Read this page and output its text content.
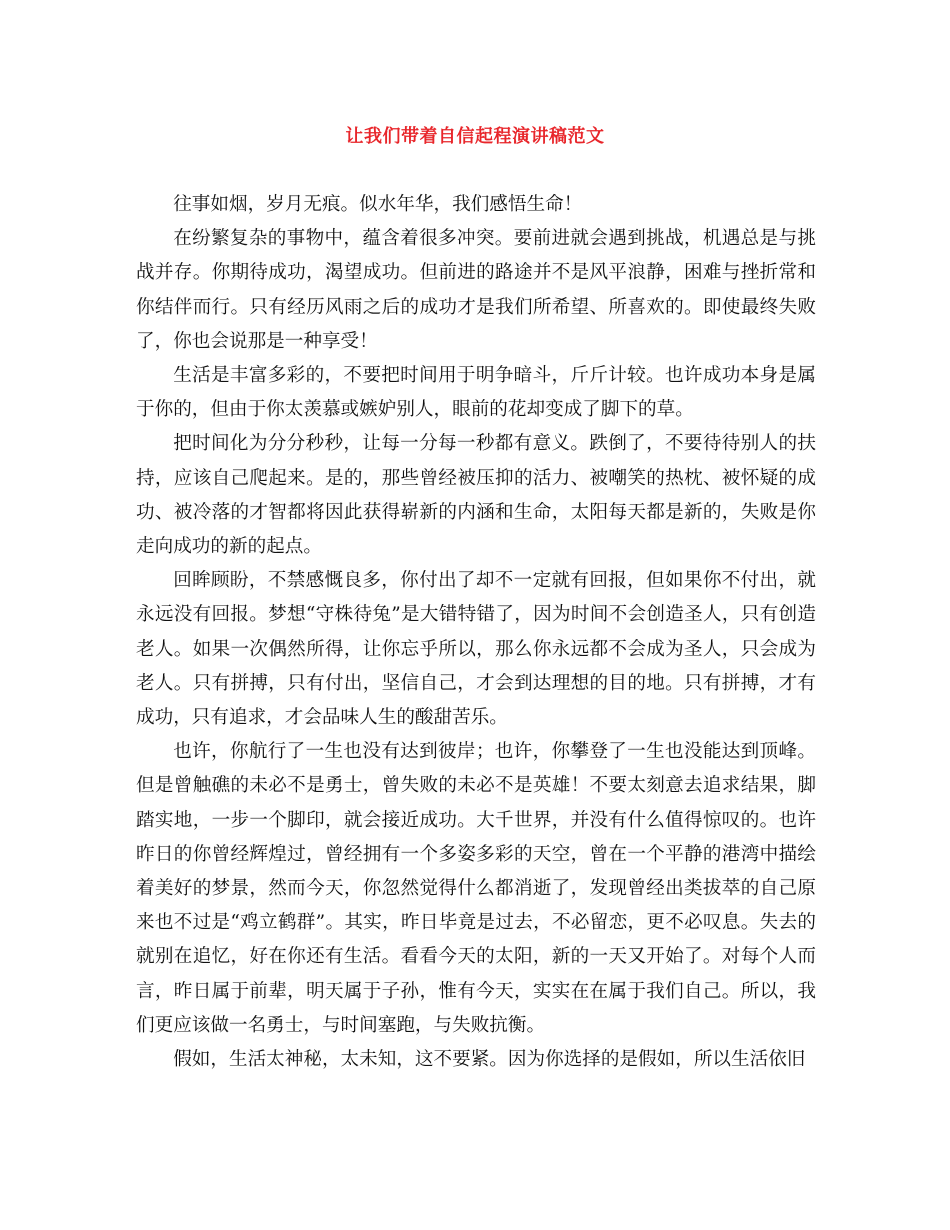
让我们带着自信起程演讲稿范文

往事如烟，岁月无痕。似水年华，我们感悟生命！

在纷繁复杂的事物中，蕴含着很多冲突。要前进就会遇到挑战，机遇总是与挑战并存。你期待成功，渴望成功。但前进的路途并不是风平浪静，困难与挫折常和你结伴而行。只有经历风雨之后的成功才是我们所希望、所喜欢的。即使最终失败了，你也会说那是一种享受！

生活是丰富多彩的，不要把时间用于明争暗斗，斤斤计较。也许成功本身是属于你的，但由于你太羡慕或嫉妒别人，眼前的花却变成了脚下的草。

把时间化为分分秒秒，让每一分每一秒都有意义。跌倒了，不要待待别人的扶持，应该自己爬起来。是的，那些曾经被压抑的活力、被嘲笑的热枕、被怀疑的成功、被冷落的才智都将因此获得崭新的内涵和生命，太阳每天都是新的，失败是你走向成功的新的起点。

回眸顾盼，不禁感慨良多，你付出了却不一定就有回报，但如果你不付出，就永远没有回报。梦想“守株待兔”是大错特错了，因为时间不会创造圣人，只有创造老人。如果一次偶然所得，让你忘乎所以，那么你永远都不会成为圣人，只会成为老人。只有拼搏，只有付出，坚信自己，才会到达理想的目的地。只有拼搏，才有成功，只有追求，才会品味人生的酸甜苦乐。

也许，你航行了一生也没有达到彼岸；也许，你攀登了一生也没能达到顶峰。但是曾触礁的未必不是勇士，曾失败的未必不是英雄！不要太刻意去追求结果，脚踏实地，一步一个脚印，就会接近成功。大千世界，并没有什么值得惊叹的。也许昨日的你曾经辉煌过，曾经拥有一个多姿多彩的天空，曾在一个平静的港湾中描绘着美好的梦景，然而今天，你忽然觉得什么都消逝了，发现曾经出类拔萃的自己原来也不过是“鸡立鹤群”。其实，昨日毕竟是过去，不必留恋，更不必叹息。失去的就别在追忆，好在你还有生活。看看今天的太阳，新的一天又开始了。对每个人而言，昨日属于前辈，明天属于子孙，惟有今天，实实在在属于我们自己。所以，我们更应该做一名勇士，与时间塞跑，与失败抗衡。

假如，生活太神秘，太未知，这不要紧。因为你选择的是假如，所以生活依旧
